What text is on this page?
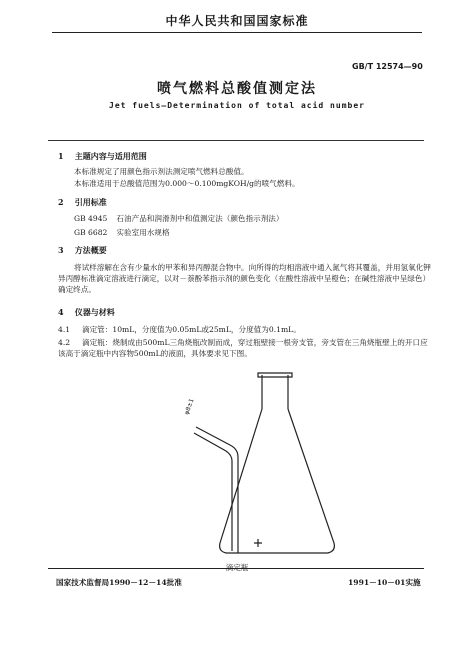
中华人民共和国国家标准
GB/T 12574—90
喷气燃料总酸值测定法
Jet fuels—Determination of total acid number
1 主题内容与适用范围
本标准规定了用颜色指示剂法测定喷气燃料总酸值。
本标准适用于总酸值范围为0.000～0.100mgKOH/g的喷气燃料。
2 引用标准
GB 4945 石油产品和润滑剂中和值测定法（颜色指示剂法）
GB 6682 实验室用水规格
3 方法概要
将试样溶解在含有少量水的甲苯和异丙醇混合物中。向所得的均相溶液中通入氮气将其覆盖，并用氢氧化钾异丙醇标准滴定溶液进行滴定，以对－萘酚苯指示剂的颜色变化（在酸性溶液中呈橙色；在碱性溶液中呈绿色）确定终点。
4 仪器与材料
4.1 滴定管：10mL，分度值为0.05mL或25mL，分度值为0.1mL。
4.2 滴定瓶：烧制成由500mL三角烧瓶改制而成，穿过瓶壁接一根旁支管，旁支管在三角烧瓶壁上的开口应该高于滴定瓶中内容物500mL的液面，具体要求见下图。
φ8±1
滴定瓶
国家技术监督局1990－12－14批准	1991－10－01实施
